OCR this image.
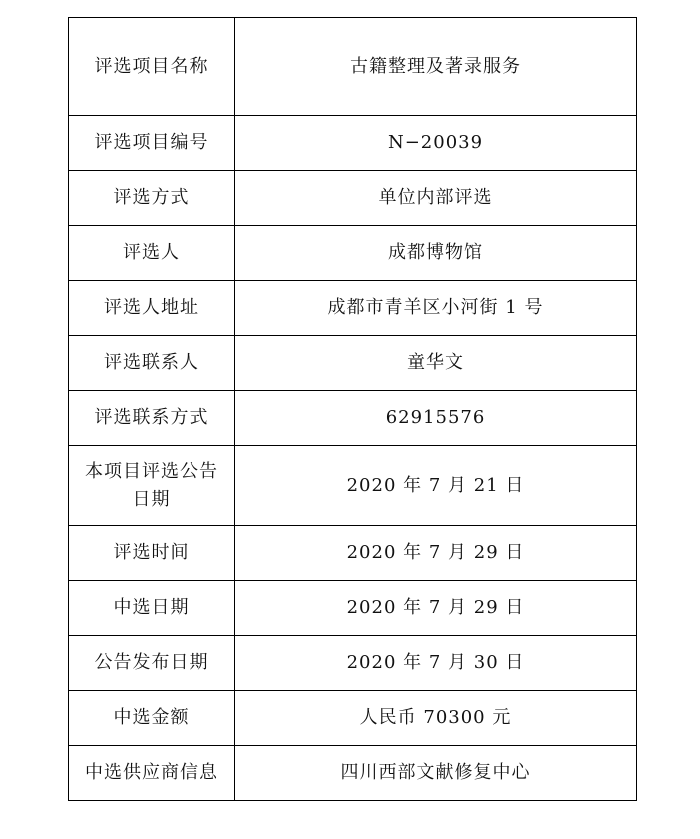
评选项目名称	古籍整理及著录服务
评选项目编号	N−20039
评选方式	单位内部评选
评选人	成都博物馆
评选人地址	成都市青羊区小河街 1 号
评选联系人	童华文
评选联系方式	62915576

本项目评选公告
日期	2020 年 7 月 21 日
评选时间	2020 年 7 月 29 日
中选日期	2020 年 7 月 29 日
公告发布日期	2020 年 7 月 30 日
中选金额	人民币 70300 元
中选供应商信息	四川西部文献修复中心
